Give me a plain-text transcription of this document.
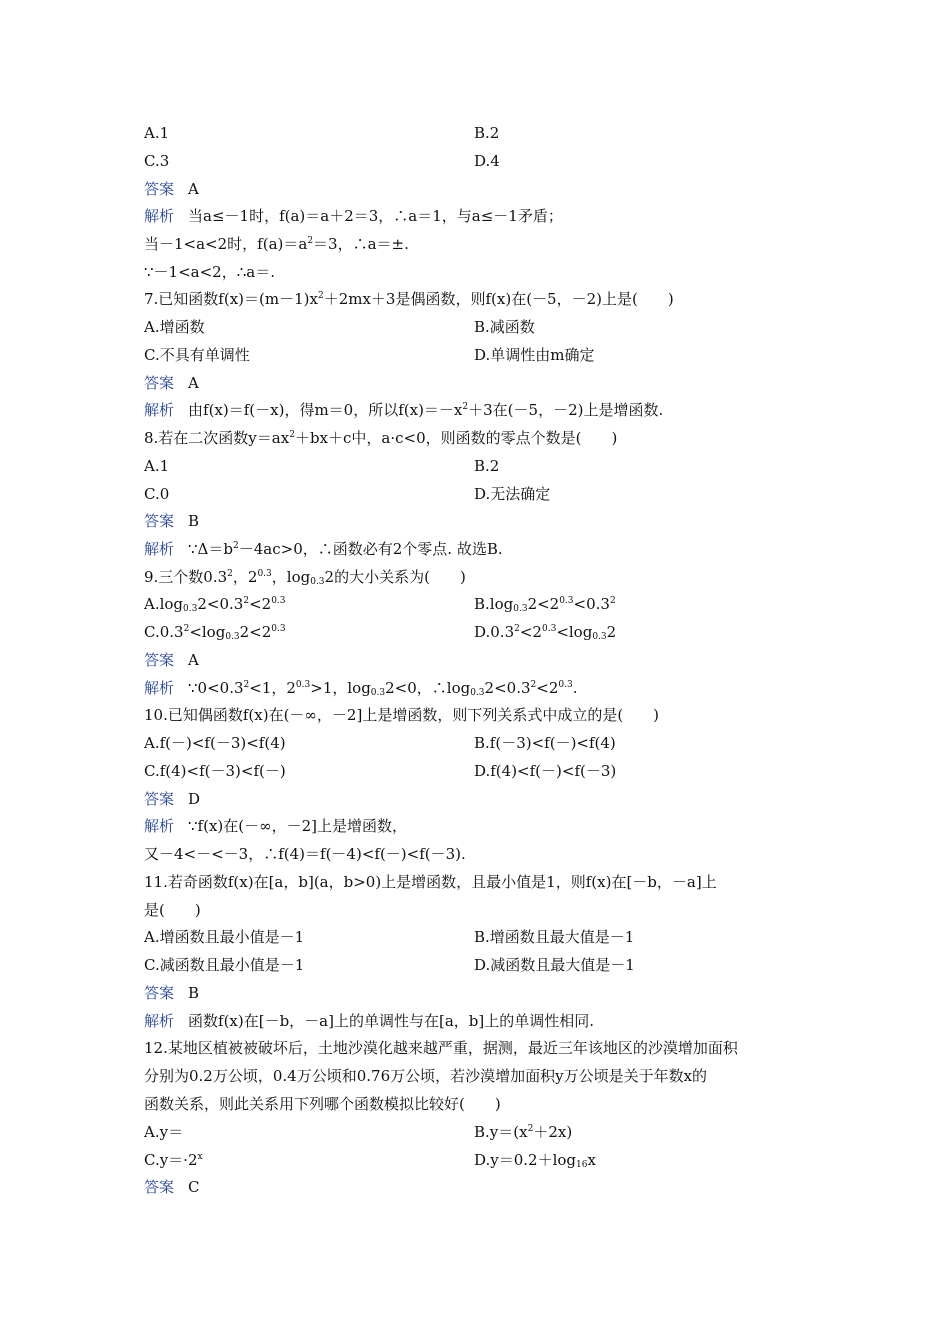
A.1	B.2
C.3	D.4
答案 A
解析 当a≤－1时，f(a)＝a＋2＝3，∴a＝1，与a≤－1矛盾；
当－1<a<2时，$f(a)=a^2=3$，∴a＝±.
∵－1<a<2，∴a＝.
7.已知函数$f(x)=(m-1)x^2+2mx+3$是偶函数，则f(x)在(－5，－2)上是(　　)
A.增函数	B.减函数
C.不具有单调性	D.单调性由m确定
答案 A
解析 由f(x)＝f(－x)，得m＝0，所以$f(x)=-x^2+3$在(－5，－2)上是增函数.
8.若在二次函数$y=ax^2+bx+c$中，a·c<0，则函数的零点个数是(　　)
A.1	B.2
C.0	D.无法确定
答案 B
解析 $\because\Delta=b^2-4ac>0$，∴函数必有2个零点. 故选B.
9.三个数$0.3^2$，$2^{0.3}$，$\log_{0.3}2$的大小关系为(　　)
$A.\log_{0.3}2<0.3^2<2^{0.3}$	$B.\log_{0.3}2<2^{0.3}<0.3^2$
$C.0.3^2<\log_{0.3}2<2^{0.3}$	$D.0.3^2<2^{0.3}<\log_{0.3}2$
答案 A
解析 $\because 0<0.3^2<1$，$2^{0.3}>1$，$\log_{0.3}2<0$，$\therefore\log_{0.3}2<0.3^2<2^{0.3}$.
10.已知偶函数f(x)在(－∞，－2]上是增函数，则下列关系式中成立的是(　　)
A.f(－)<f(－3)<f(4)	B.f(－3)<f(－)<f(4)
C.f(4)<f(－3)<f(－)	D.f(4)<f(－)<f(－3)
答案 D
解析 ∵f(x)在(－∞，－2]上是增函数，
又－4<－<－3，∴f(4)＝f(－4)<f(－)<f(－3).
11.若奇函数f(x)在[a，b](a，b>0)上是增函数，且最小值是1，则f(x)在[－b，－a]上
是(　　)
A.增函数且最小值是－1	B.增函数且最大值是－1
C.减函数且最小值是－1	D.减函数且最大值是－1
答案 B
解析 函数f(x)在[－b，－a]上的单调性与在[a，b]上的单调性相同.
12.某地区植被被破坏后，土地沙漠化越来越严重，据测，最近三年该地区的沙漠增加面积
分别为0.2万公顷，0.4万公顷和0.76万公顷，若沙漠增加面积y万公顷是关于年数x的
函数关系，则此关系用下列哪个函数模拟比较好(　　)
A.y＝	$B.y=(x^2+2x)$
$C.y=\cdot 2^x$	$D.y=0.2+\log_{16}x$
答案 C
